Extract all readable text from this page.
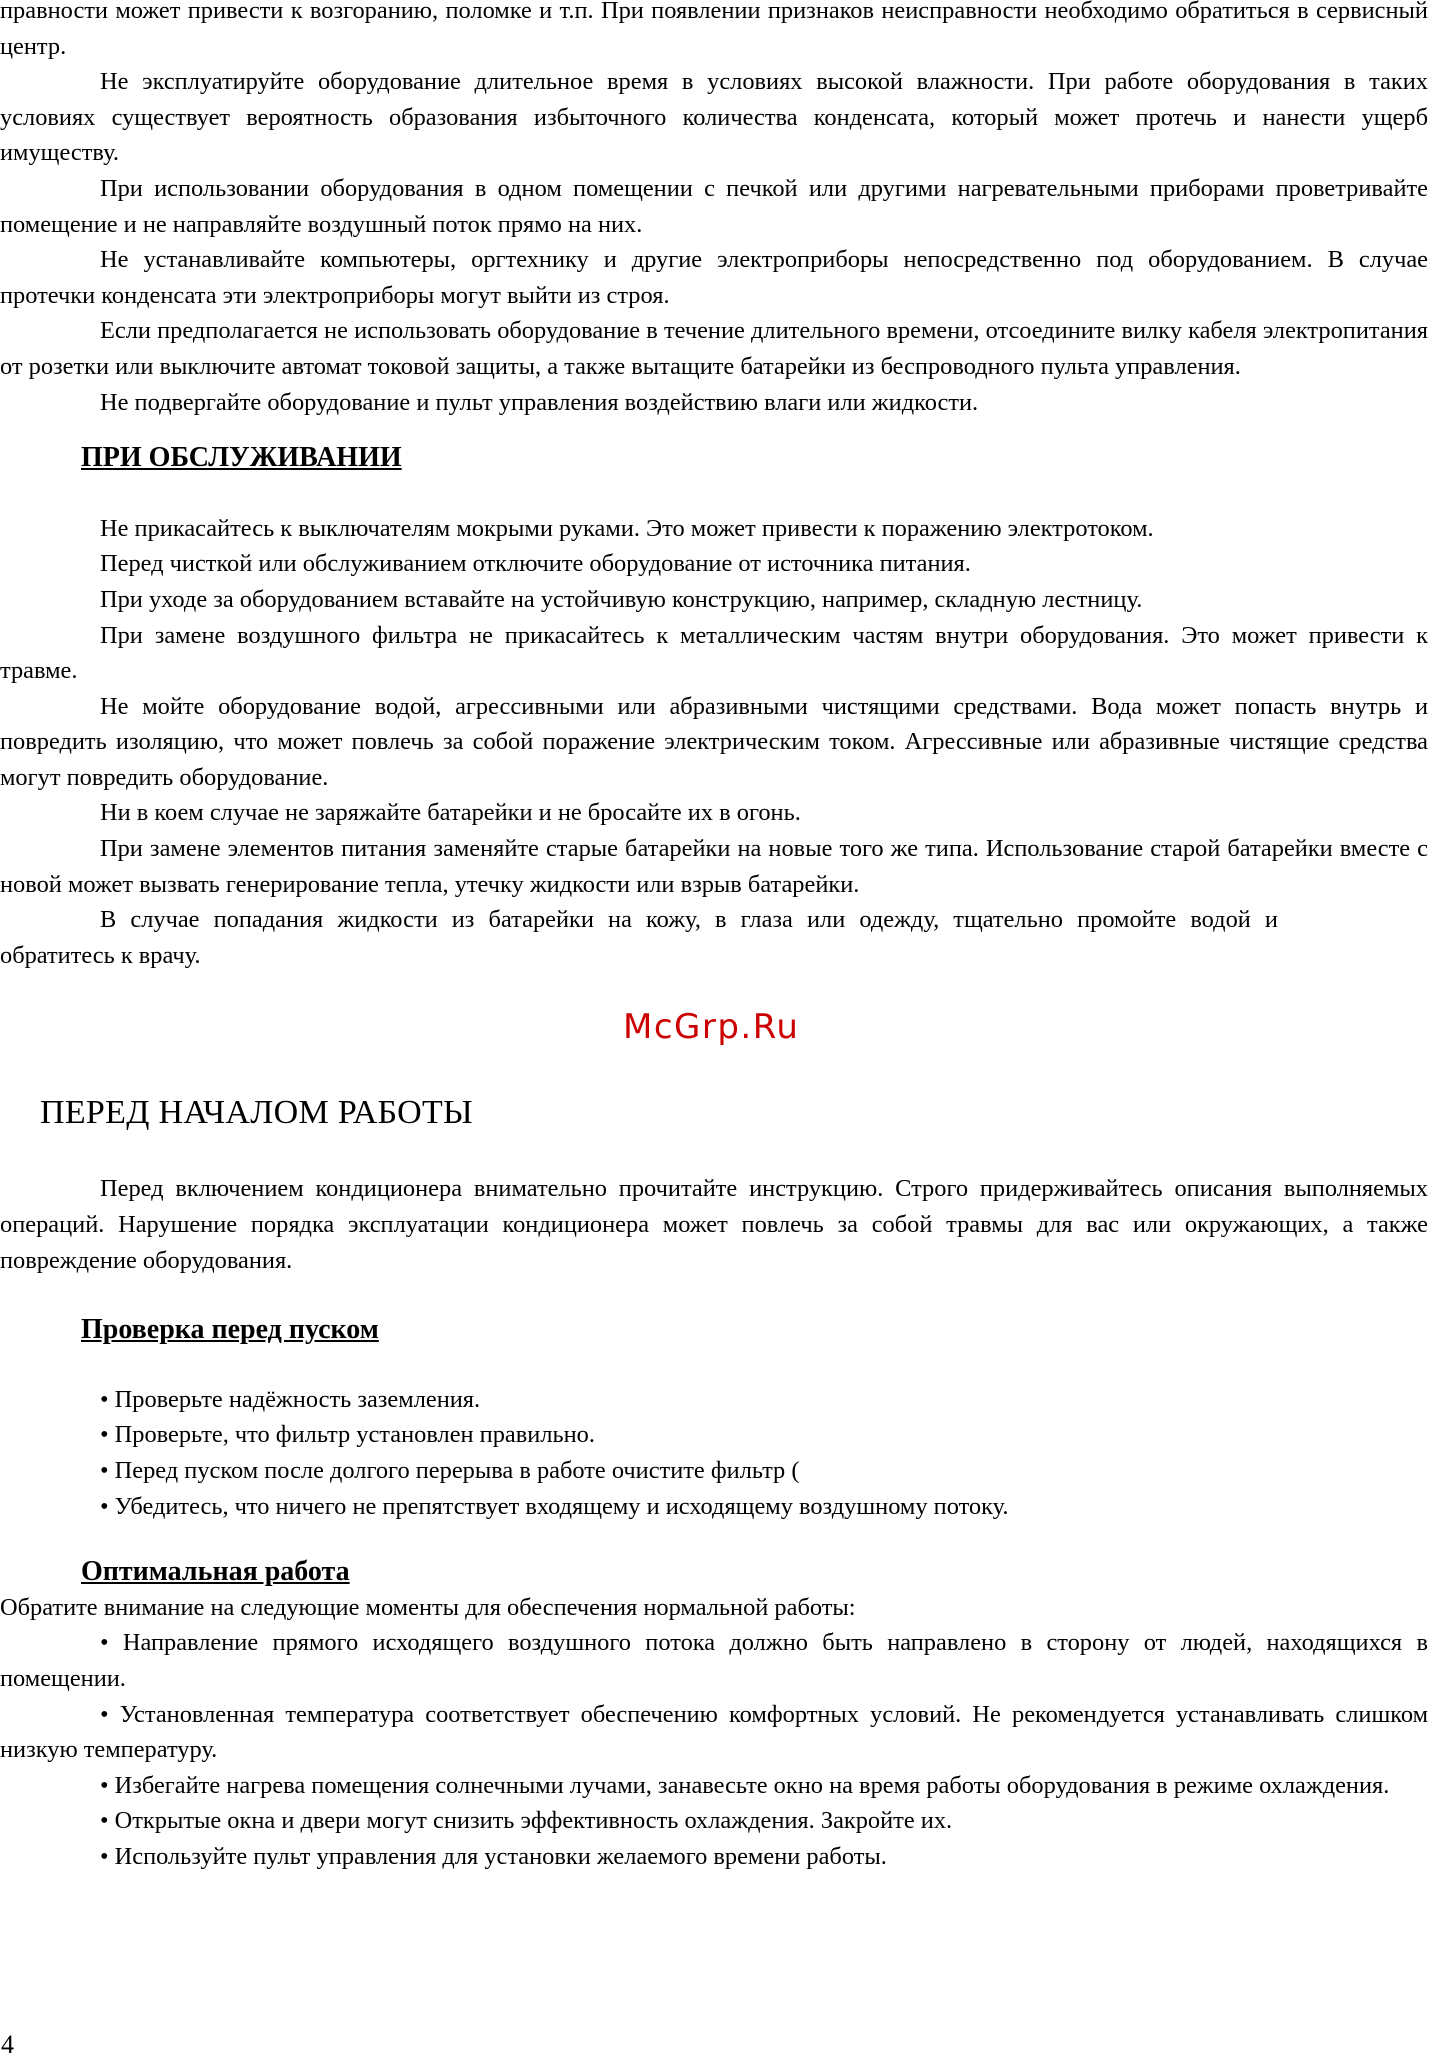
правности может привести к возгоранию, поломке и т.п. При появлении признаков неисправности необходимо обратиться в сервисный центр.

Не эксплуатируйте оборудование длительное время в условиях высокой влажности. При работе оборудования в таких условиях существует вероятность образования избыточного количества конденсата, который может протечь и нанести ущерб имуществу.

При использовании оборудования в одном помещении с печкой или другими нагревательными приборами проветривайте помещение и не направляйте воздушный поток прямо на них.

Не устанавливайте компьютеры, оргтехнику и другие электроприборы непосредственно под оборудованием. В случае протечки конденсата эти электроприборы могут выйти из строя.

Если предполагается не использовать оборудование в течение длительного времени, отсоедините вилку кабеля электропитания от розетки или выключите автомат токовой защиты, а также вытащите батарейки из беспроводного пульта управления.

Не подвергайте оборудование и пульт управления воздействию влаги или жидкости.

ПРИ ОБСЛУЖИВАНИИ

Не прикасайтесь к выключателям мокрыми руками. Это может привести к поражению электротоком.

Перед чисткой или обслуживанием отключите оборудование от источника питания.

При уходе за оборудованием вставайте на устойчивую конструкцию, например, складную лестницу.

При замене воздушного фильтра не прикасайтесь к металлическим частям внутри оборудования. Это может привести к травме.

Не мойте оборудование водой, агрессивными или абразивными чистящими средствами. Вода может попасть внутрь и повредить изоляцию, что может повлечь за собой поражение электрическим током. Агрессивные или абразивные чистящие средства могут повредить оборудование.

Ни в коем случае не заряжайте батарейки и не бросайте их в огонь.

При замене элементов питания заменяйте старые батарейки на новые того же типа. Использование старой батарейки вместе с новой может вызвать генерирование тепла, утечку жидкости или взрыв батарейки.

В случае попадания жидкости из батарейки на кожу, в глаза или одежду, тщательно промойте водой и обратитесь к врачу.

ПЕРЕД НАЧАЛОМ РАБОТЫ

Перед включением кондиционера внимательно прочитайте инструкцию. Строго придерживайтесь описания выполняемых операций. Нарушение порядка эксплуатации кондиционера может повлечь за собой травмы для вас или окружающих, а также повреждение оборудования.

Проверка перед пуском

• Проверьте надёжность заземления.

• Проверьте, что фильтр установлен правильно.

• Перед пуском после долгого перерыва в работе очистите фильтр (

• Убедитесь, что ничего не препятствует входящему и исходящему воздушному потоку.

Оптимальная работа

Обратите внимание на следующие моменты для обеспечения нормальной работы:

• Направление прямого исходящего воздушного потока должно быть направлено в сторону от людей, находящихся в помещении.

• Установленная температура соответствует обеспечению комфортных условий. Не рекомендуется устанавливать слишком низкую температуру.

• Избегайте нагрева помещения солнечными лучами, занавесьте окно на время работы оборудования в режиме охлаждения.

• Открытые окна и двери могут снизить эффективность охлаждения. Закройте их.

• Используйте пульт управления для установки желаемого времени работы.

McGrp.Ru
4
